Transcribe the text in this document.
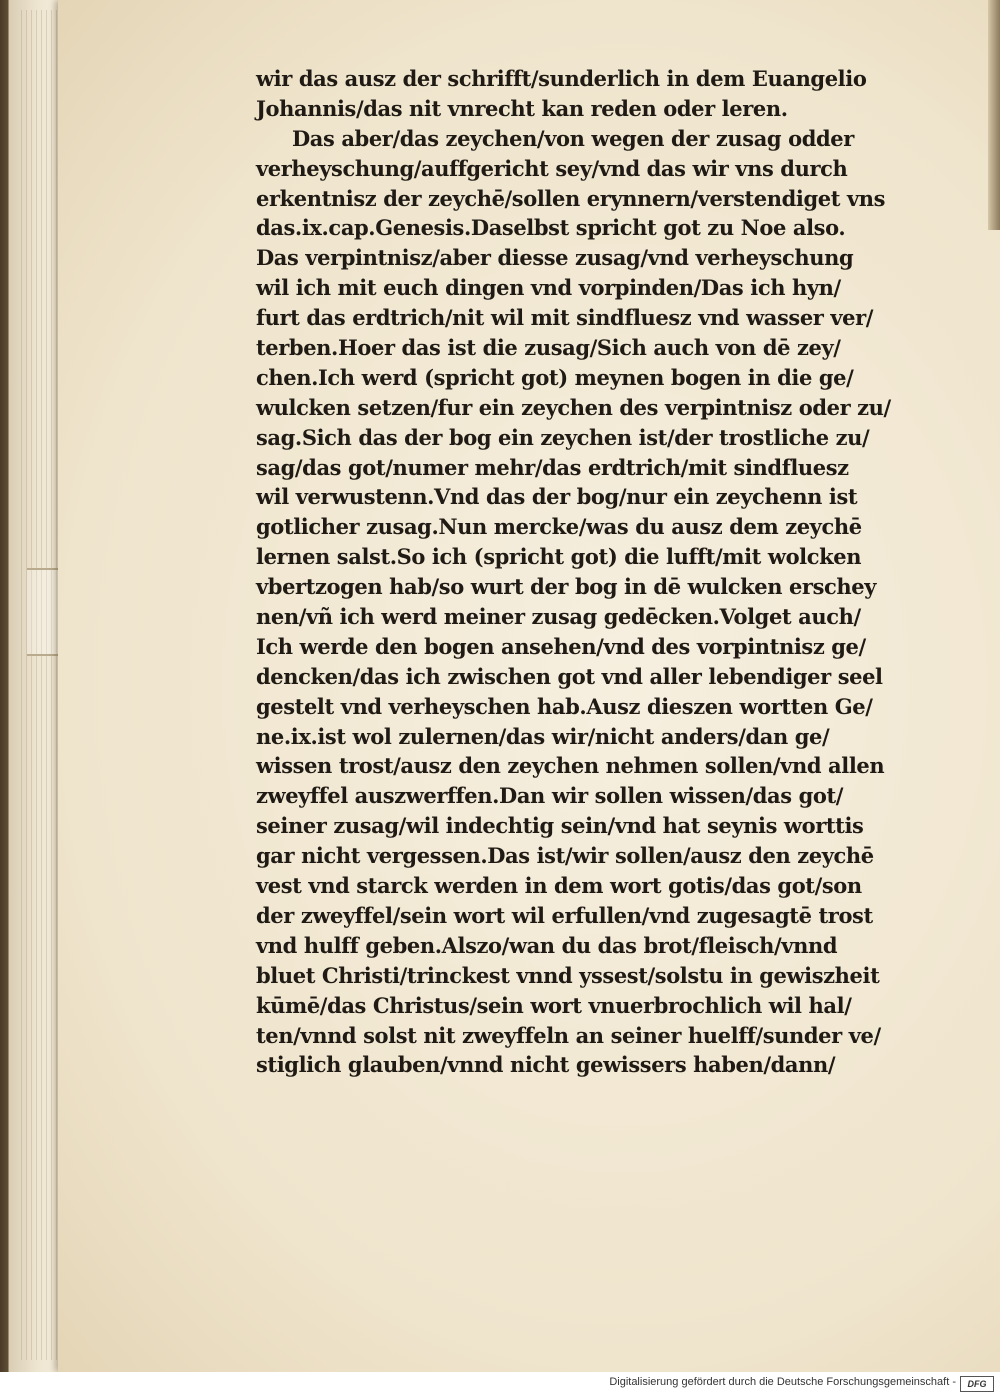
wir das ausz der schrifft/sunderlich in dem Euangelio
Johannis/das nit vnrecht kan reden oder leren.
Das aber/das zeychen/von wegen der zusag odder
verheyschung/auffgericht sey/vnd das wir vns durch
erkentnisz der zeychē/sollen erynnern/verstendiget vns
das.ix.cap.Genesis.Daselbst spricht got zu Noe also.
Das verpintnisz/aber diesse zusag/vnd verheyschung
wil ich mit euch dingen vnd vorpinden/Das ich hyn/
furt das erdtrich/nit wil mit sindfluesz vnd wasser ver/
terben.Hoer das ist die zusag/Sich auch von dē zey/
chen.Ich werd (spricht got) meynen bogen in die ge/
wulcken setzen/fur ein zeychen des verpintnisz oder zu/
sag.Sich das der bog ein zeychen ist/der trostliche zu/
sag/das got/numer mehr/das erdtrich/mit sindfluesz
wil verwustenn.Vnd das der bog/nur ein zeychenn ist
gotlicher zusag.Nun mercke/was du ausz dem zeychē
lernen salst.So ich (spricht got) die lufft/mit wolcken
vbertzogen hab/so wurt der bog in dē wulcken erschey
nen/vñ ich werd meiner zusag gedēcken.Volget auch/
Ich werde den bogen ansehen/vnd des vorpintnisz ge/
dencken/das ich zwischen got vnd aller lebendiger seel
gestelt vnd verheyschen hab.Ausz dieszen wortten Ge/
ne.ix.ist wol zulernen/das wir/nicht anders/dan ge/
wissen trost/ausz den zeychen nehmen sollen/vnd allen
zweyffel auszwerffen.Dan wir sollen wissen/das got/
seiner zusag/wil indechtig sein/vnd hat seynis worttis
gar nicht vergessen.Das ist/wir sollen/ausz den zeychē
vest vnd starck werden in dem wort gotis/das got/son
der zweyffel/sein wort wil erfullen/vnd zugesagtē trost
vnd hulff geben.Alszo/wan du das brot/fleisch/vnnd
bluet Christi/trinckest vnnd yssest/solstu in gewiszheit
kūmē/das Christus/sein wort vnuerbrochlich wil hal/
ten/vnnd solst nit zweyffeln an seiner huelff/sunder ve/
stiglich glauben/vnnd nicht gewissers haben/dann/
Digitalisierung gefördert durch die Deutsche Forschungsgemeinschaft -	DFG
